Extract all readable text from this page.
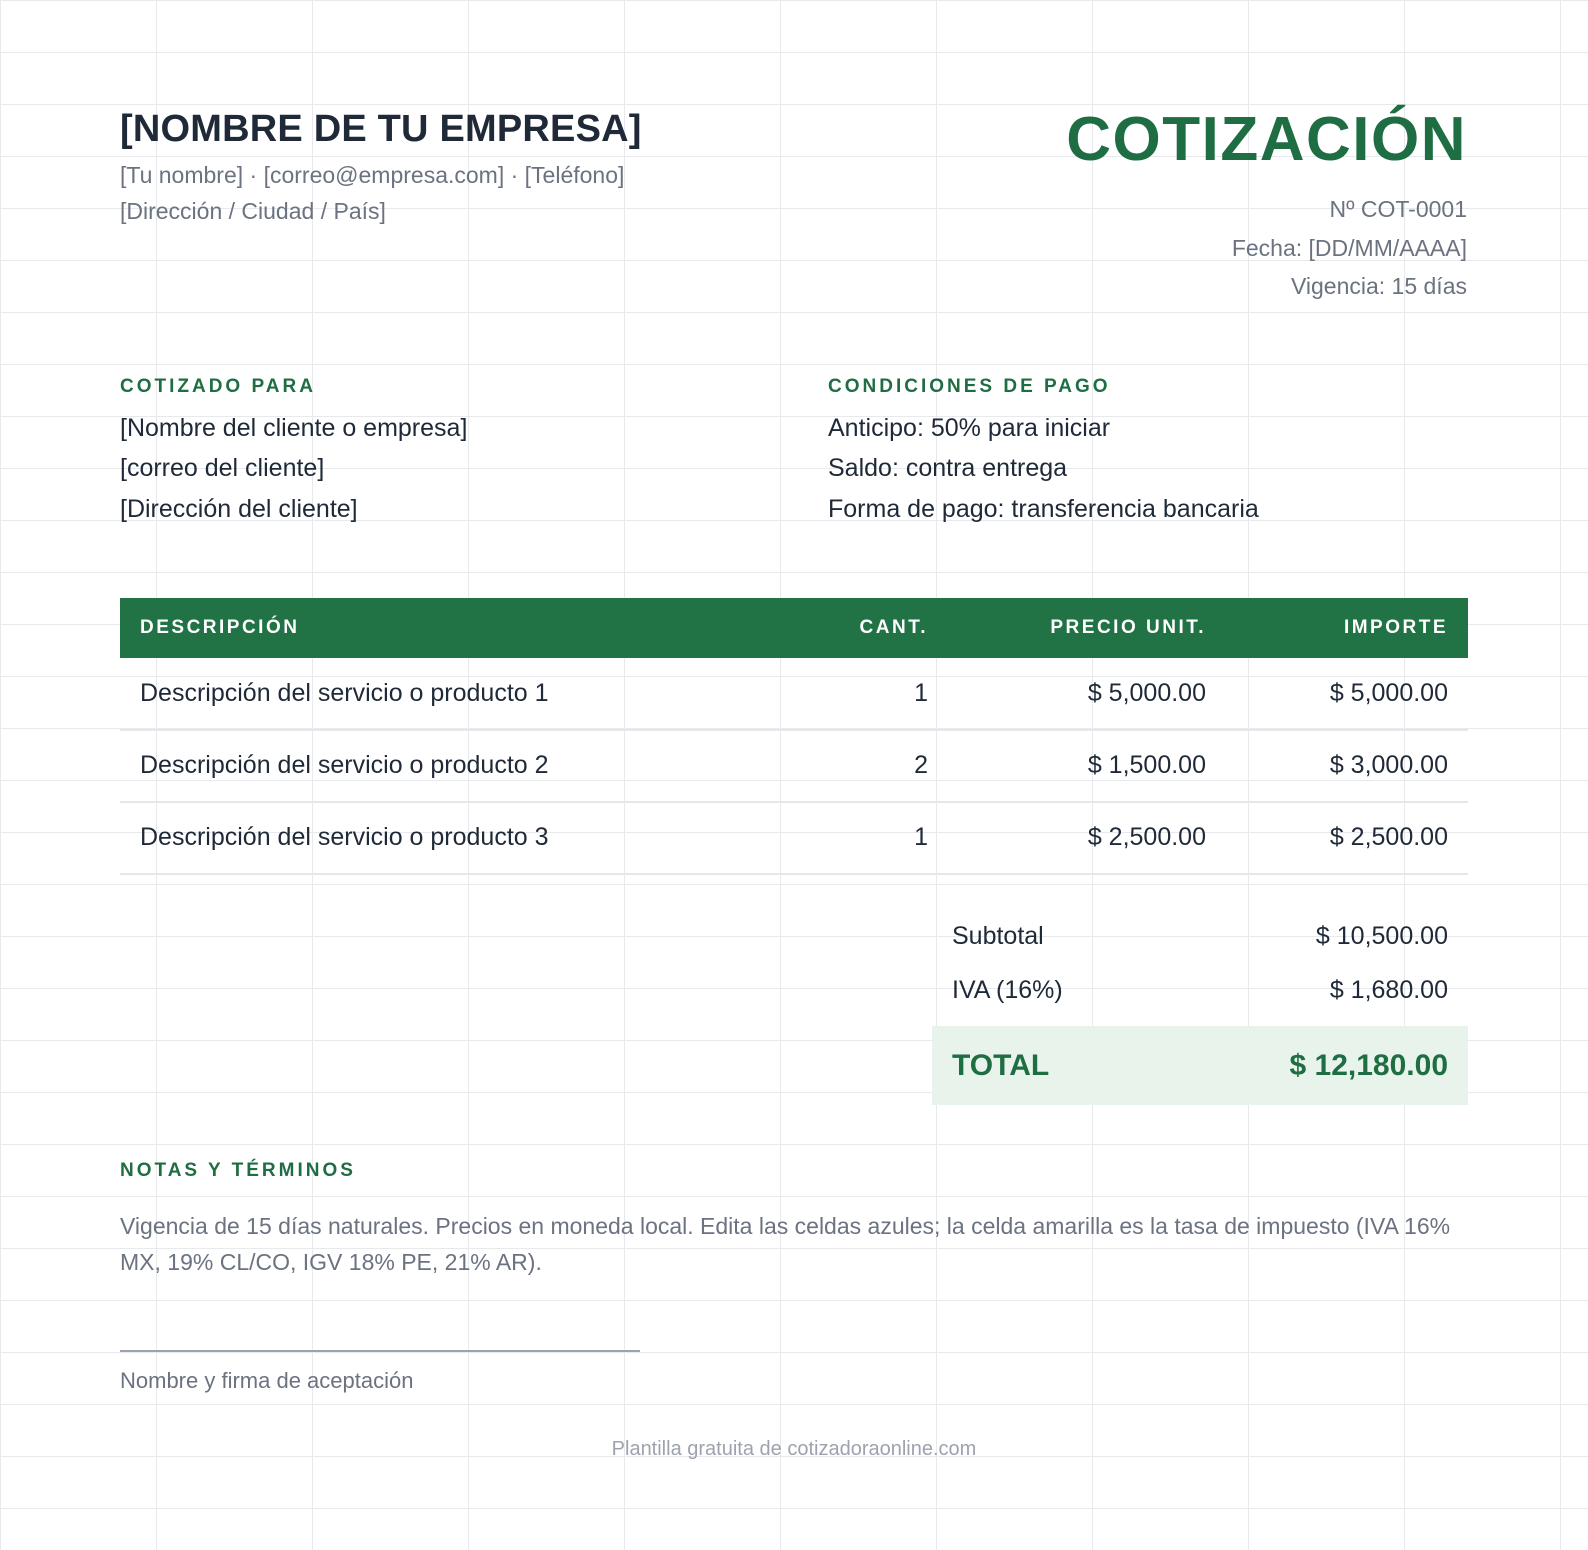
[NOMBRE DE TU EMPRESA]
[Tu nombre] · [correo@empresa.com] · [Teléfono]
[Dirección / Ciudad / País]
COTIZACIÓN
Nº COT-0001
Fecha: [DD/MM/AAAA]
Vigencia: 15 días
COTIZADO PARA
[Nombre del cliente o empresa]
[correo del cliente]
[Dirección del cliente]
CONDICIONES DE PAGO
Anticipo: 50% para iniciar
Saldo: contra entrega
Forma de pago: transferencia bancaria
DESCRIPCIÓN	CANT.	PRECIO UNIT.	IMPORTE
Descripción del servicio o producto 1	1	$ 5,000.00	$ 5,000.00
Descripción del servicio o producto 2	2	$ 1,500.00	$ 3,000.00
Descripción del servicio o producto 3	1	$ 2,500.00	$ 2,500.00
Subtotal	$ 10,500.00
IVA (16%)	$ 1,680.00
TOTAL	$ 12,180.00
NOTAS Y TÉRMINOS
Vigencia de 15 días naturales. Precios en moneda local. Edita las celdas azules; la celda amarilla es la tasa de impuesto (IVA 16% MX, 19% CL/CO, IGV 18% PE, 21% AR).
Nombre y firma de aceptación
Plantilla gratuita de cotizadoraonline.com
